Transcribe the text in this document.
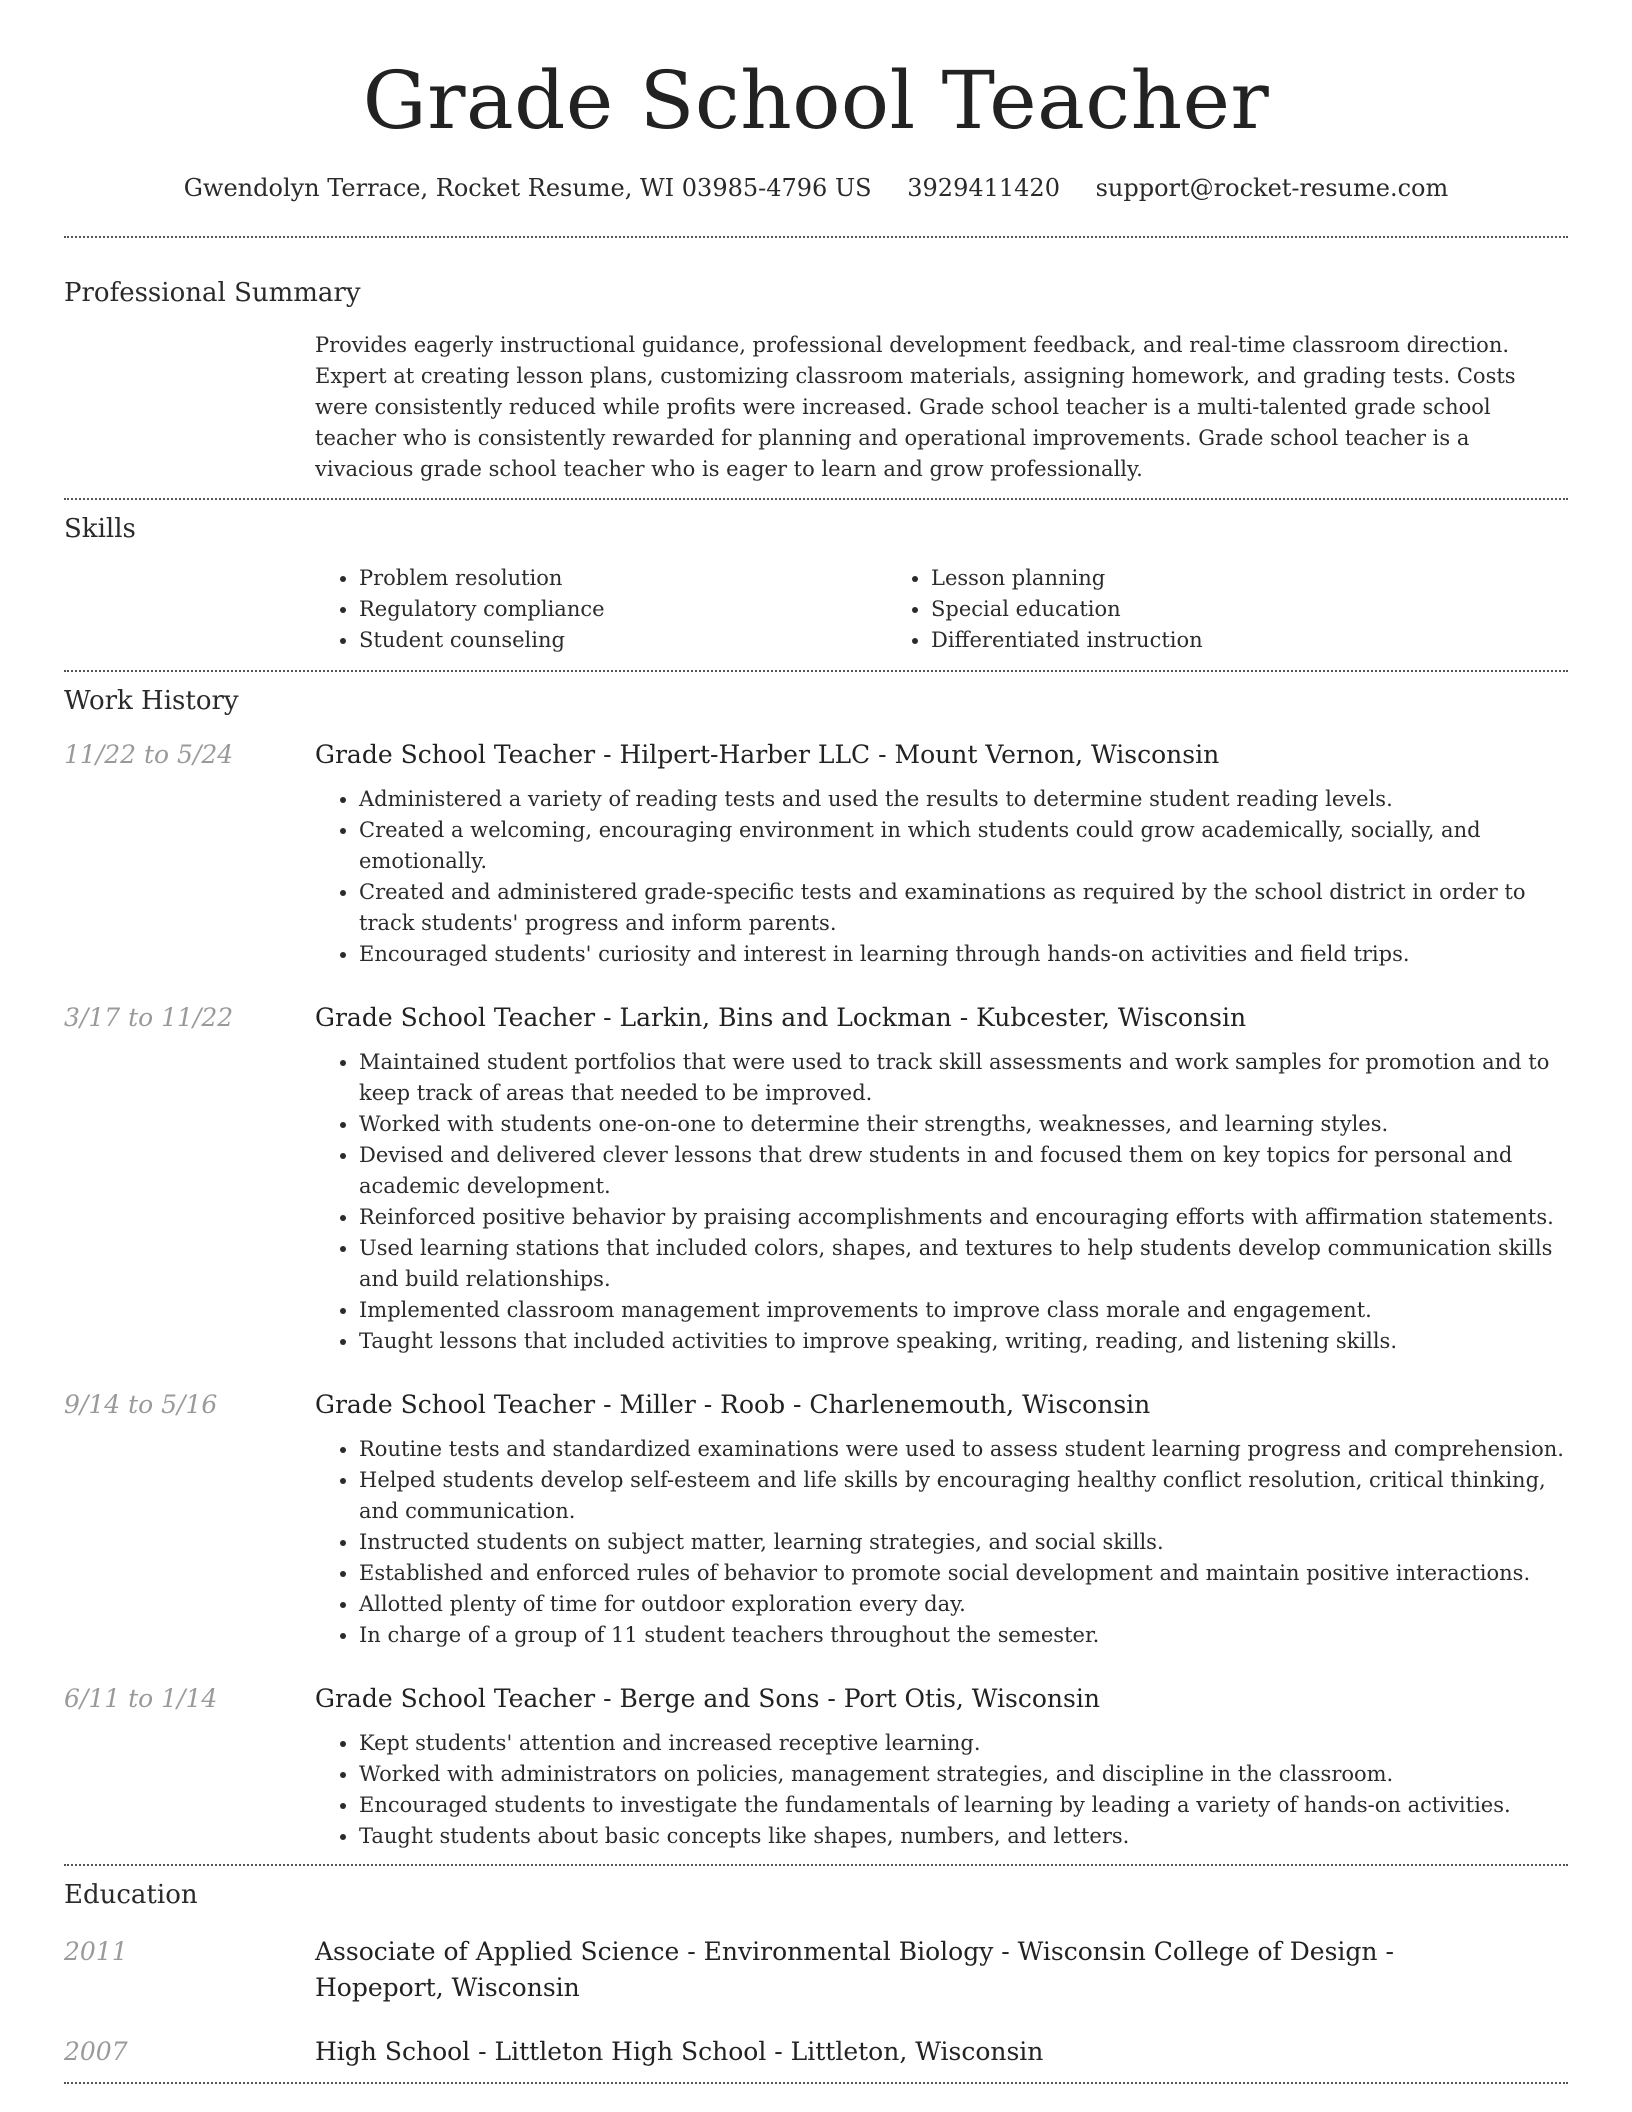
Grade School Teacher
Gwendolyn Terrace, Rocket Resume, WI 03985-4796 US 3929411420 support@rocket-resume.com
Professional Summary
Provides eagerly instructional guidance, professional development feedback, and real-time classroom direction. Expert at creating lesson plans, customizing classroom materials, assigning homework, and grading tests. Costs were consistently reduced while profits were increased. Grade school teacher is a multi-talented grade school teacher who is consistently rewarded for planning and operational improvements. Grade school teacher is a vivacious grade school teacher who is eager to learn and grow professionally.
Skills
• Problem resolution
• Regulatory compliance
• Student counseling
• Lesson planning
• Special education
• Differentiated instruction
Work History
11/22 to 5/24	Grade School Teacher - Hilpert-Harber LLC - Mount Vernon, Wisconsin
• Administered a variety of reading tests and used the results to determine student reading levels.
• Created a welcoming, encouraging environment in which students could grow academically, socially, and emotionally.
• Created and administered grade-specific tests and examinations as required by the school district in order to track students' progress and inform parents.
• Encouraged students' curiosity and interest in learning through hands-on activities and field trips.
3/17 to 11/22	Grade School Teacher - Larkin, Bins and Lockman - Kubcester, Wisconsin
• Maintained student portfolios that were used to track skill assessments and work samples for promotion and to keep track of areas that needed to be improved.
• Worked with students one-on-one to determine their strengths, weaknesses, and learning styles.
• Devised and delivered clever lessons that drew students in and focused them on key topics for personal and academic development.
• Reinforced positive behavior by praising accomplishments and encouraging efforts with affirmation statements.
• Used learning stations that included colors, shapes, and textures to help students develop communication skills and build relationships.
• Implemented classroom management improvements to improve class morale and engagement.
• Taught lessons that included activities to improve speaking, writing, reading, and listening skills.
9/14 to 5/16	Grade School Teacher - Miller - Roob - Charlenemouth, Wisconsin
• Routine tests and standardized examinations were used to assess student learning progress and comprehension.
• Helped students develop self-esteem and life skills by encouraging healthy conflict resolution, critical thinking, and communication.
• Instructed students on subject matter, learning strategies, and social skills.
• Established and enforced rules of behavior to promote social development and maintain positive interactions.
• Allotted plenty of time for outdoor exploration every day.
• In charge of a group of 11 student teachers throughout the semester.
6/11 to 1/14	Grade School Teacher - Berge and Sons - Port Otis, Wisconsin
• Kept students' attention and increased receptive learning.
• Worked with administrators on policies, management strategies, and discipline in the classroom.
• Encouraged students to investigate the fundamentals of learning by leading a variety of hands-on activities.
• Taught students about basic concepts like shapes, numbers, and letters.
Education
2011	Associate of Applied Science - Environmental Biology - Wisconsin College of Design - Hopeport, Wisconsin
2007	High School - Littleton High School - Littleton, Wisconsin
